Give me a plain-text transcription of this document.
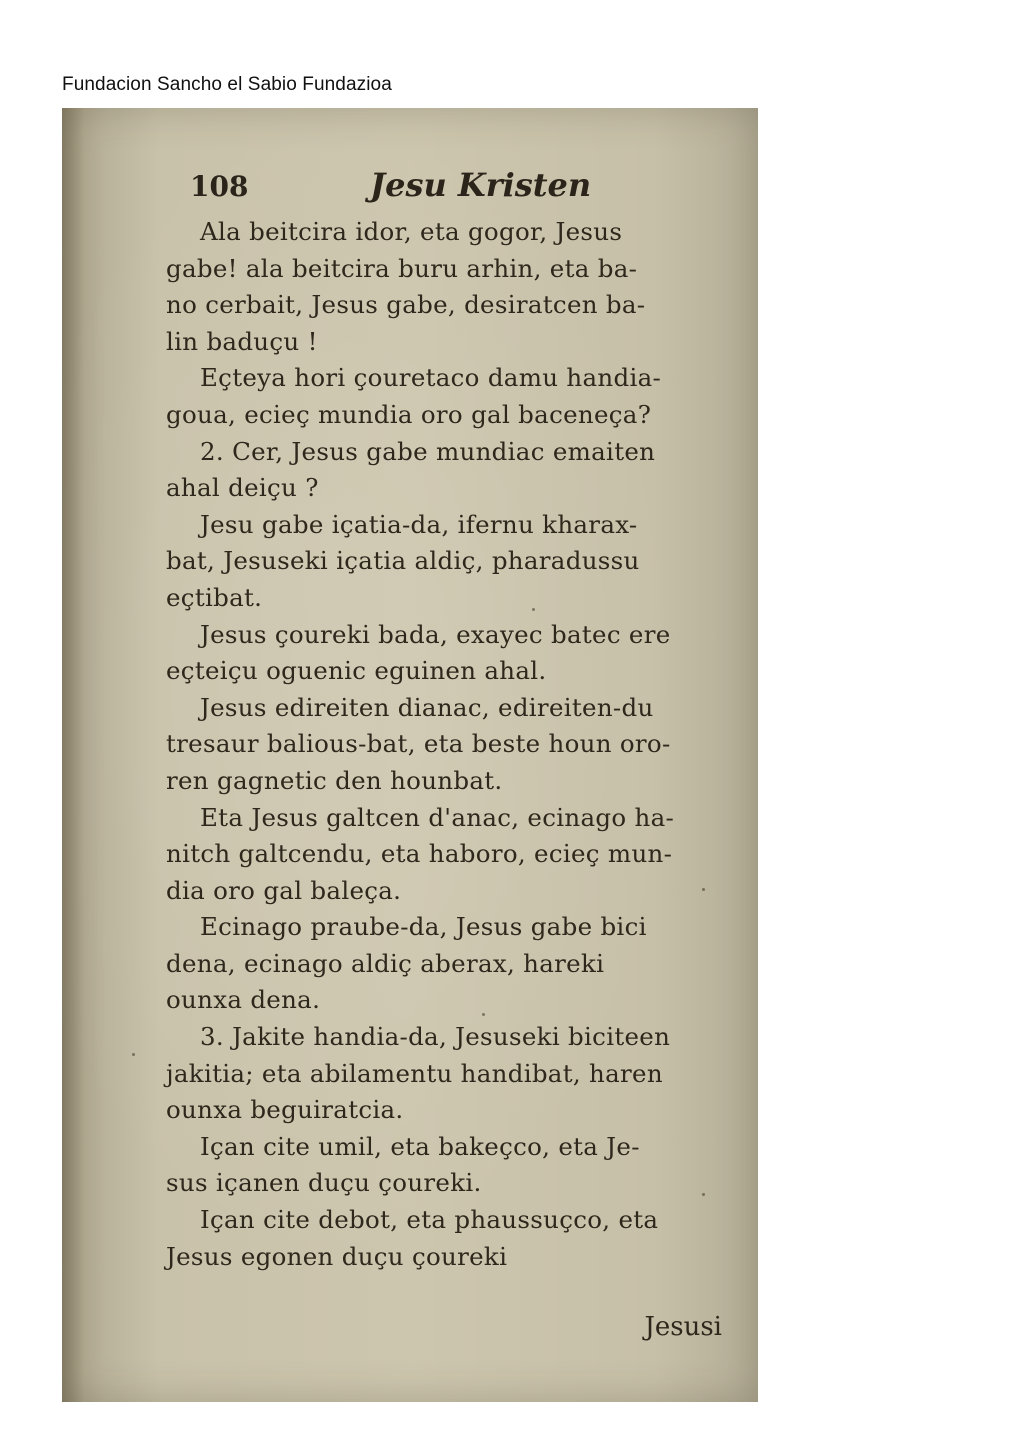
Fundacion Sancho el Sabio Fundazioa
108	Jesu Kristen
Ala beitcira idor, eta gogor, Jesus
gabe! ala beitcira buru arhin, eta ba-
no cerbait, Jesus gabe, desiratcen ba-
lin baduçu !
Eçteya hori çouretaco damu handia-
goua, ecieç mundia oro gal baceneça?
2. Cer, Jesus gabe mundiac emaiten
ahal deiçu ?
Jesu gabe içatia-da, ifernu kharax-
bat, Jesuseki içatia aldiç, pharadussu
eçtibat.
Jesus çoureki bada, exayec batec ere
eçteiçu oguenic eguinen ahal.
Jesus edireiten dianac, edireiten-du
tresaur balious-bat, eta beste houn oro-
ren gagnetic den hounbat.
Eta Jesus galtcen d'anac, ecinago ha-
nitch galtcendu, eta haboro, ecieç mun-
dia oro gal baleça.
Ecinago praube-da, Jesus gabe bici
dena, ecinago aldiç aberax, hareki
ounxa dena.
3. Jakite handia-da, Jesuseki biciteen
jakitia; eta abilamentu handibat, haren
ounxa beguiratcia.
Içan cite umil, eta bakeçco, eta Je-
sus içanen duçu çoureki.
Içan cite debot, eta phaussuçco, eta
Jesus egonen duçu çoureki
Jesusi
